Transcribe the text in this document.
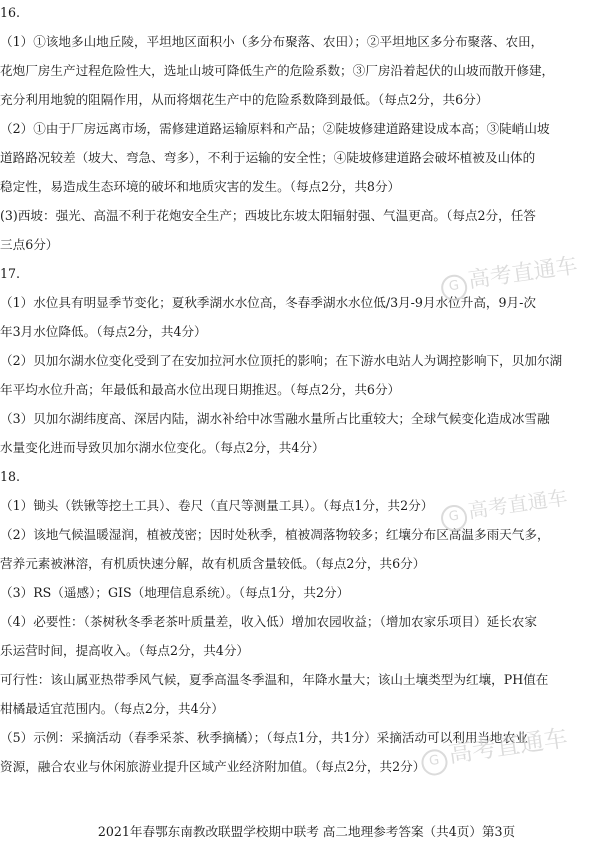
16.
（1）①该地多山地丘陵，平坦地区面积小（多分布聚落、农田）；②平坦地区多分布聚落、农田，
花炮厂房生产过程危险性大，选址山坡可降低生产的危险系数；③厂房沿着起伏的山坡而散开修建，
充分利用地貌的阻隔作用，从而将烟花生产中的危险系数降到最低。（每点2分，共6分）
（2）①由于厂房远离市场，需修建道路运输原料和产品；②陡坡修建道路建设成本高；③陡峭山坡
道路路况较差（坡大、弯急、弯多），不利于运输的安全性；④陡坡修建道路会破坏植被及山体的
稳定性，易造成生态环境的破坏和地质灾害的发生。（每点2分，共8分）
(3)西坡：强光、高温不利于花炮安全生产；西坡比东坡太阳辐射强、气温更高。（每点2分，任答
三点6分）
17.
（1）水位具有明显季节变化；夏秋季湖水水位高，冬春季湖水水位低/3月-9月水位升高，9月-次
年3月水位降低。（每点2分，共4分）
（2）贝加尔湖水位变化受到了在安加拉河水位顶托的影响；在下游水电站人为调控影响下，贝加尔湖
年平均水位升高；年最低和最高水位出现日期推迟。（每点2分，共6分）
（3）贝加尔湖纬度高、深居内陆，湖水补给中冰雪融水量所占比重较大；全球气候变化造成冰雪融
水量变化进而导致贝加尔湖水位变化。（每点2分，共4分）
18.
（1）锄头（铁锹等挖土工具）、卷尺（直尺等测量工具）。（每点1分，共2分）
（2）该地气候温暖湿润，植被茂密；因时处秋季，植被凋落物较多；红壤分布区高温多雨天气多，
营养元素被淋溶，有机质快速分解，故有机质含量较低。（每点2分，共6分）
（3）RS（遥感）；GIS（地理信息系统）。（每点1分，共2分）
（4）必要性：（茶树秋冬季老茶叶质量差，收入低）增加农园收益；（增加农家乐项目）延长农家
乐运营时间，提高收入。（每点2分，共4分）
可行性：该山属亚热带季风气候，夏季高温冬季温和，年降水量大；该山土壤类型为红壤，PH值在
柑橘最适宜范围内。（每点2分，共4分）
（5）示例：采摘活动（春季采茶、秋季摘橘）；（每点1分，共1分）采摘活动可以利用当地农业
资源，融合农业与休闲旅游业提升区域产业经济附加值。（每点2分，共2分）
G 高考直通车
G 高考直通车
G 高考直通车
2021年春鄂东南教改联盟学校期中联考 高二地理参考答案（共4页）第3页
